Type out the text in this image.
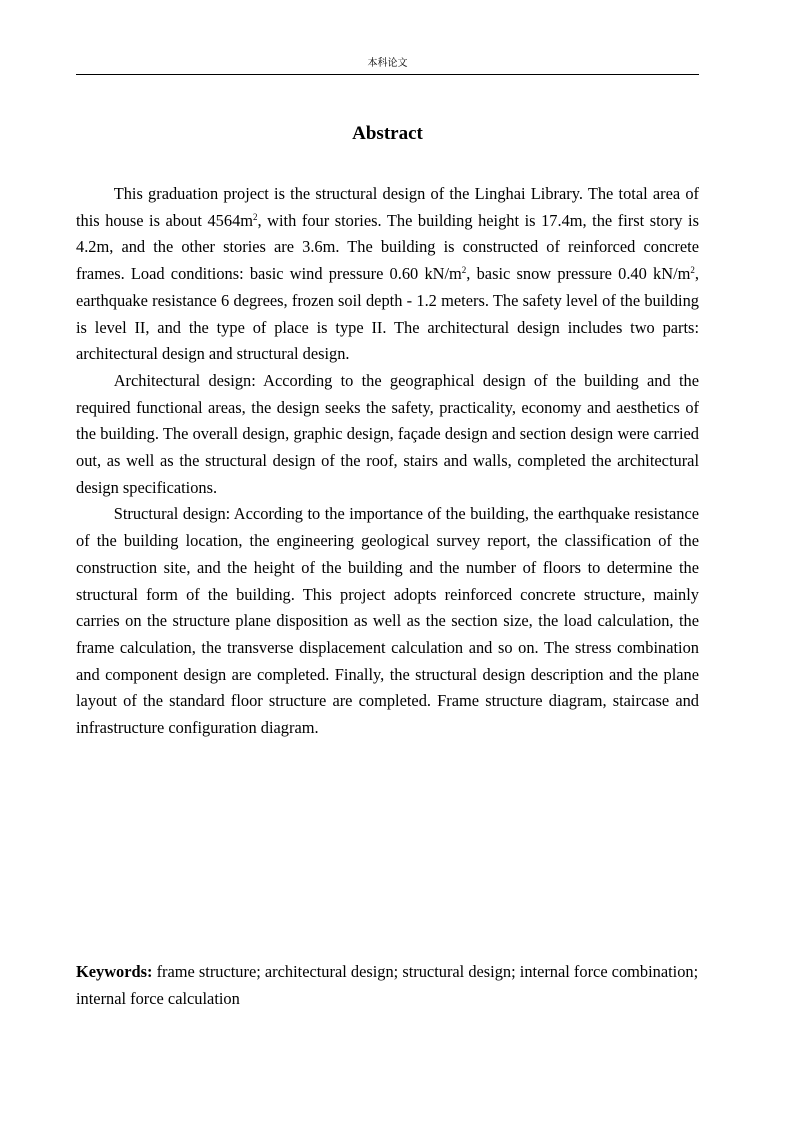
本科论文
Abstract

This graduation project is the structural design of the Linghai Library. The total area of this house is about $4564m^2$, with four stories. The building height is 17.4m, the first story is 4.2m, and the other stories are 3.6m. The building is constructed of reinforced concrete frames. Load conditions: basic wind pressure 0.60 $kN/m^2$, basic snow pressure 0.40 $kN/m^2$, earthquake resistance 6 degrees, frozen soil depth - 1.2 meters. The safety level of the building is level II, and the type of place is type II. The architectural design includes two parts: architectural design and structural design.

Architectural design: According to the geographical design of the building and the required functional areas, the design seeks the safety, practicality, economy and aesthetics of the building. The overall design, graphic design, façade design and section design were carried out, as well as the structural design of the roof, stairs and walls, completed the architectural design specifications.

Structural design: According to the importance of the building, the earthquake resistance of the building location, the engineering geological survey report, the classification of the construction site, and the height of the building and the number of floors to determine the structural form of the building. This project adopts reinforced concrete structure, mainly carries on the structure plane disposition as well as the section size, the load calculation, the frame calculation, the transverse displacement calculation and so on. The stress combination and component design are completed. Finally, the structural design description and the plane layout of the standard floor structure are completed. Frame structure diagram, staircase and infrastructure configuration diagram.

Keywords: frame structure; architectural design; structural design; internal force combination; internal force calculation
